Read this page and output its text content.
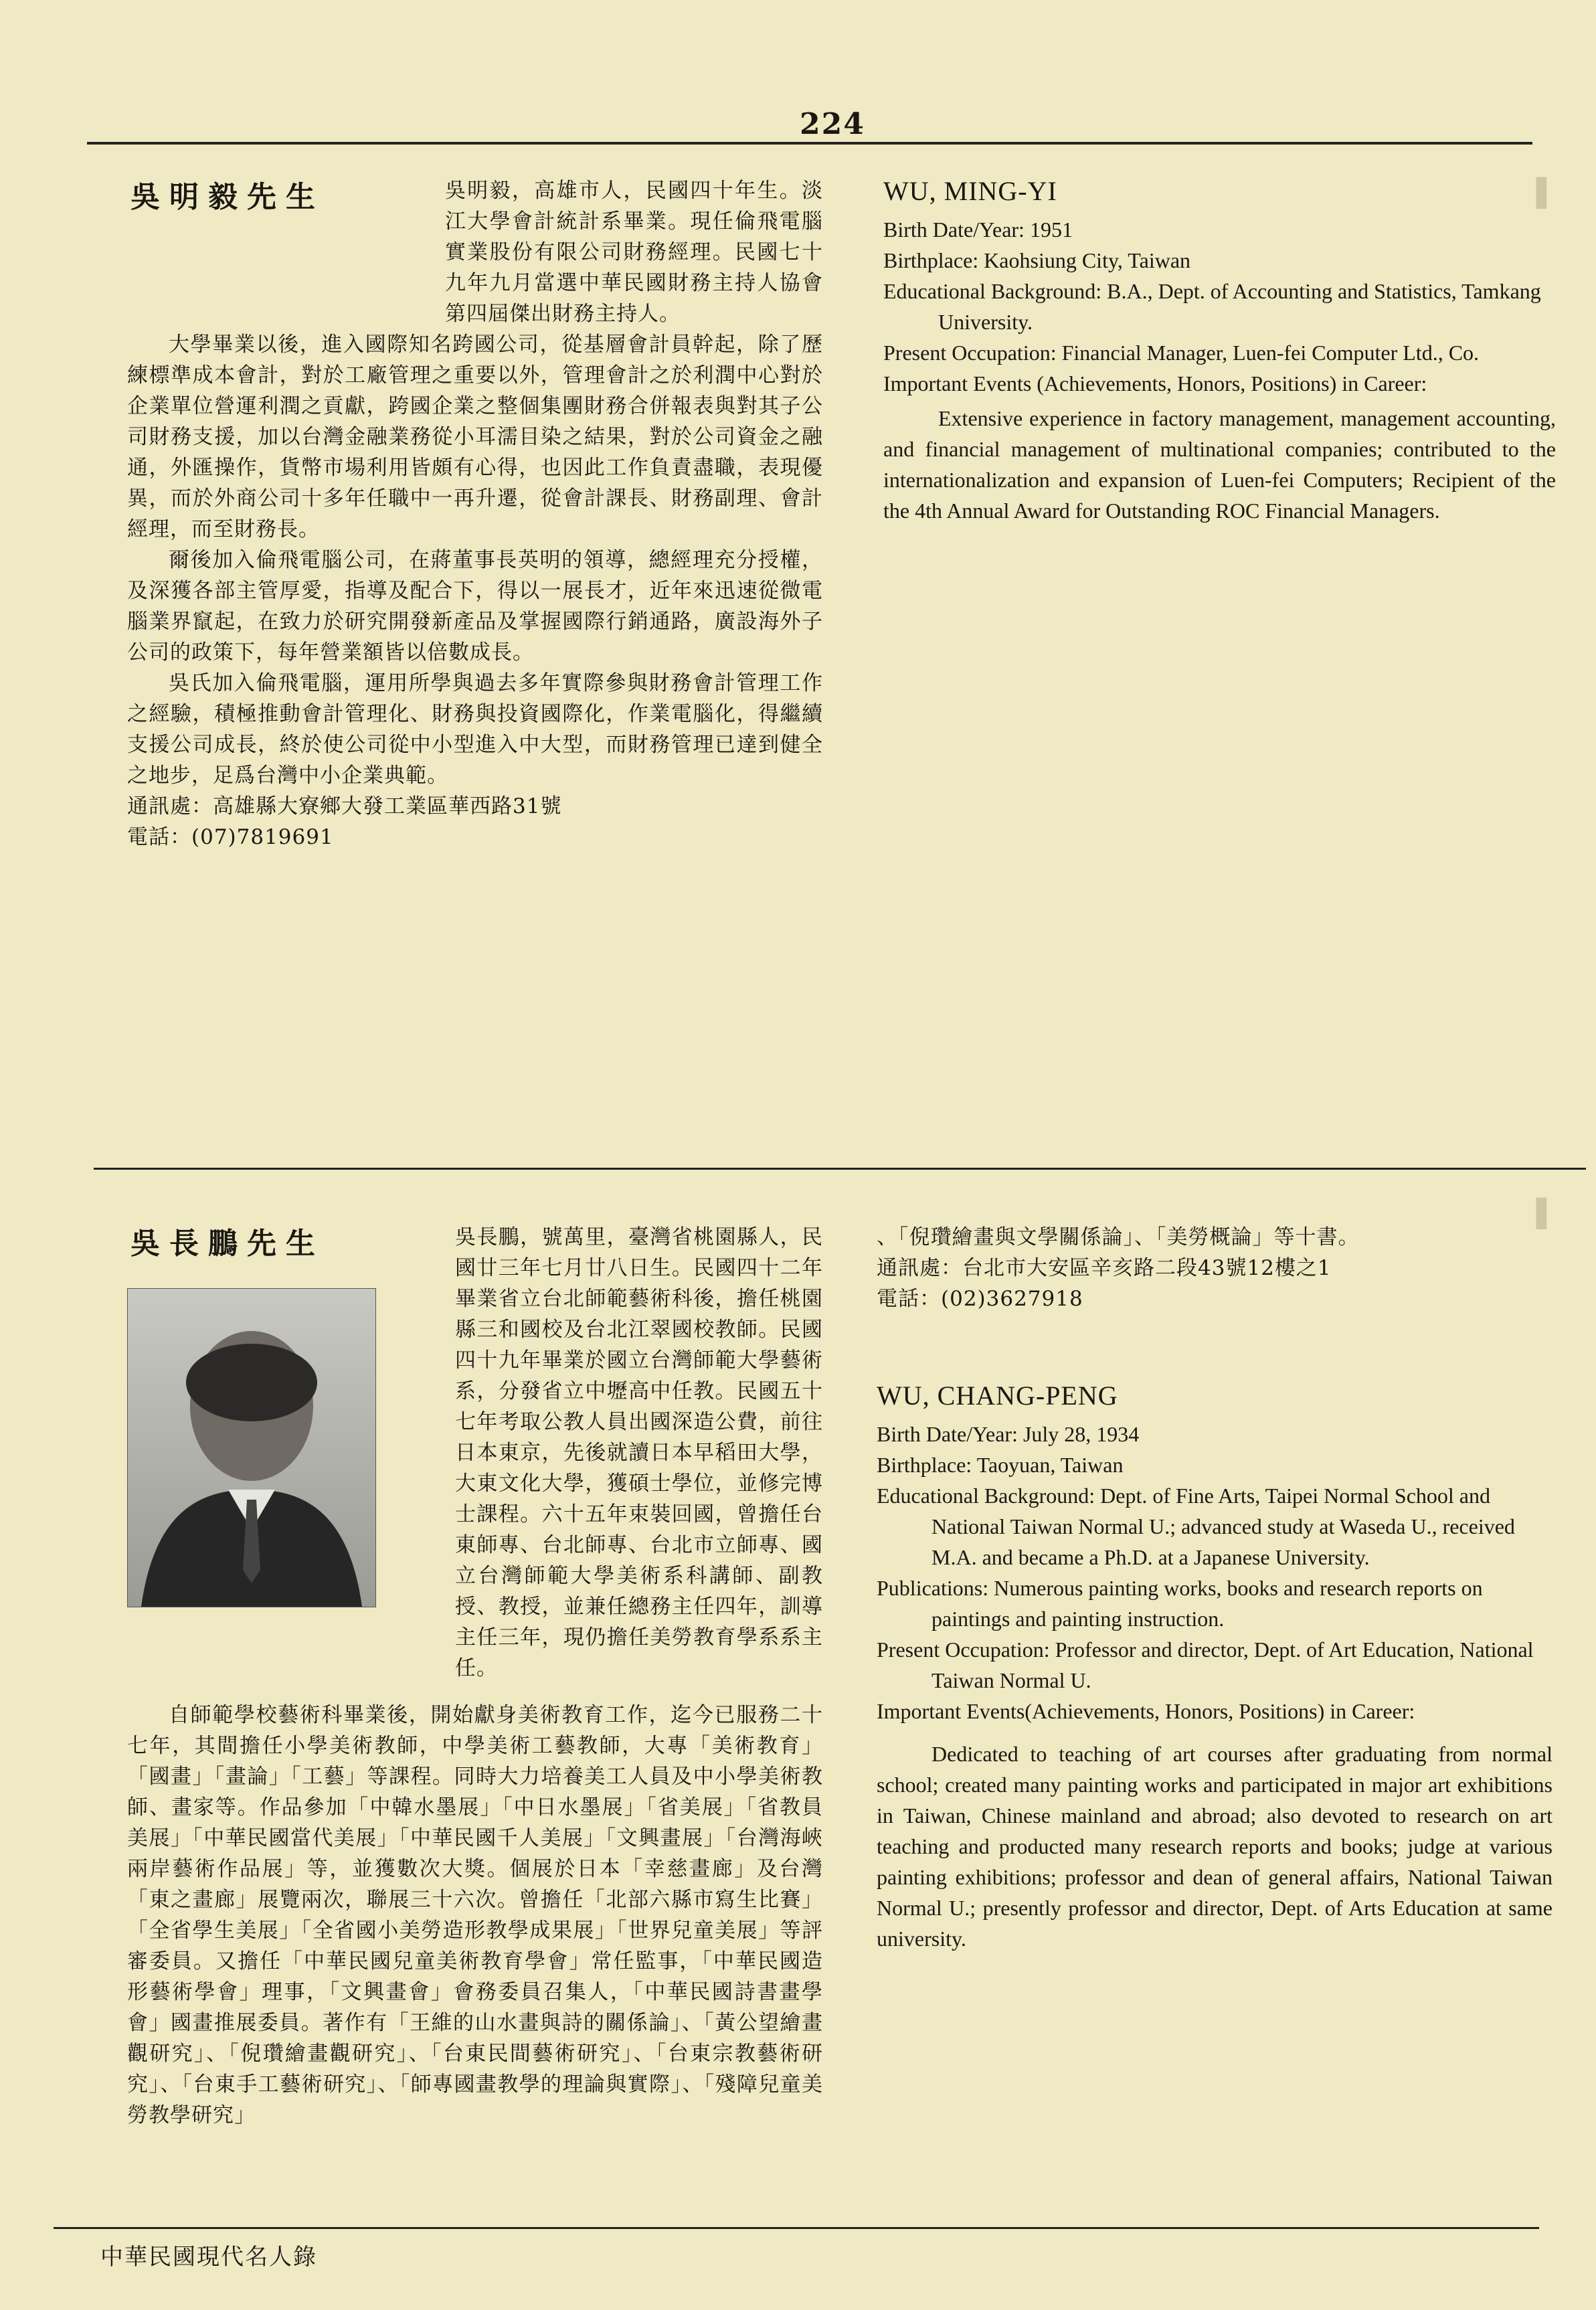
224
▐
▐
吳明毅先生	吳明毅，高雄市人，民國四十年生。淡江大學會計統計系畢業。現任倫飛電腦實業股份有限公司財務經理。民國七十九年九月當選中華民國財務主持人協會第四屆傑出財務主持人。

大學畢業以後，進入國際知名跨國公司，從基層會計員幹起，除了歷練標準成本會計，對於工廠管理之重要以外，管理會計之於利潤中心對於企業單位營運利潤之貢獻，跨國企業之整個集團財務合併報表與對其子公司財務支援，加以台灣金融業務從小耳濡目染之結果，對於公司資金之融通，外匯操作，貨幣市場利用皆頗有心得，也因此工作負責盡職，表現優異，而於外商公司十多年任職中一再升遷，從會計課長、財務副理、會計經理，而至財務長。

爾後加入倫飛電腦公司，在蔣董事長英明的領導，總經理充分授權，及深獲各部主管厚愛，指導及配合下，得以一展長才，近年來迅速從微電腦業界竄起，在致力於研究開發新產品及掌握國際行銷通路，廣設海外子公司的政策下，每年營業額皆以倍數成長。

吳氏加入倫飛電腦，運用所學與過去多年實際參與財務會計管理工作之經驗，積極推動會計管理化、財務與投資國際化，作業電腦化，得繼續支援公司成長，終於使公司從中小型進入中大型，而財務管理已達到健全之地步，足爲台灣中小企業典範。

通訊處：高雄縣大寮鄉大發工業區華西路31號

電話：(07)7819691

WU, MING-YI

Birth Date/Year: 1951

Birthplace: Kaohsiung City, Taiwan

Educational Background: B.A., Dept. of Accounting and Statistics, Tamkang University.

Present Occupation: Financial Manager, Luen-fei Computer Ltd., Co.

Important Events (Achievements, Honors, Positions) in Career:

Extensive experience in factory management, management accounting, and financial management of multinational companies; contributed to the internationalization and expansion of Luen-fei Computers; Recipient of the the 4th Annual Award for Outstanding ROC Financial Managers.

吳長鵬先生	吳長鵬，號萬里，臺灣省桃園縣人，民國廿三年七月廿八日生。民國四十二年畢業省立台北師範藝術科後，擔任桃園縣三和國校及台北江翠國校教師。民國四十九年畢業於國立台灣師範大學藝術系，分發省立中壢高中任教。民國五十七年考取公教人員出國深造公費，前往日本東京，先後就讀日本早稻田大學，大東文化大學，獲碩士學位，並修完博士課程。六十五年束裝回國，曾擔任台東師專、台北師專、台北市立師專、國立台灣師範大學美術系科講師、副教授、教授，並兼任總務主任四年，訓導主任三年，現仍擔任美勞教育學系系主任。

自師範學校藝術科畢業後，開始獻身美術教育工作，迄今已服務二十七年，其間擔任小學美術教師，中學美術工藝教師，大專「美術教育」「國畫」「畫論」「工藝」等課程。同時大力培養美工人員及中小學美術教師、畫家等。作品參加「中韓水墨展」「中日水墨展」「省美展」「省教員美展」「中華民國當代美展」「中華民國千人美展」「文興畫展」「台灣海峽兩岸藝術作品展」等，並獲數次大獎。個展於日本「幸慈畫廊」及台灣「東之畫廊」展覽兩次，聯展三十六次。曾擔任「北部六縣市寫生比賽」「全省學生美展」「全省國小美勞造形教學成果展」「世界兒童美展」等評審委員。又擔任「中華民國兒童美術教育學會」常任監事，「中華民國造形藝術學會」理事，「文興畫會」會務委員召集人，「中華民國詩書畫學會」國畫推展委員。著作有「王維的山水畫與詩的關係論」、「黃公望繪畫觀研究」、「倪瓚繪畫觀研究」、「台東民間藝術研究」、「台東宗教藝術研究」、「台東手工藝術研究」、「師專國畫教學的理論與實際」、「殘障兒童美勞教學研究」

、「倪瓚繪畫與文學關係論」、「美勞概論」等十書。

通訊處：台北市大安區辛亥路二段43號12樓之1

電話：(02)3627918

WU, CHANG-PENG

Birth Date/Year: July 28, 1934

Birthplace: Taoyuan, Taiwan

Educational Background: Dept. of Fine Arts, Taipei Normal School and National Taiwan Normal U.; advanced study at Waseda U., received M.A. and became a Ph.D. at a Japanese University.

Publications: Numerous painting works, books and research reports on paintings and painting instruction.

Present Occupation: Professor and director, Dept. of Art Education, National Taiwan Normal U.

Important Events(Achievements, Honors, Positions) in Career:

Dedicated to teaching of art courses after graduating from normal school; created many painting works and participated in major art exhibitions in Taiwan, Chinese mainland and abroad; also devoted to research on art teaching and producted many research reports and books; judge at various painting exhibitions; professor and dean of general affairs, National Taiwan Normal U.; presently professor and director, Dept. of Arts Education at same university.

中華民國現代名人錄
